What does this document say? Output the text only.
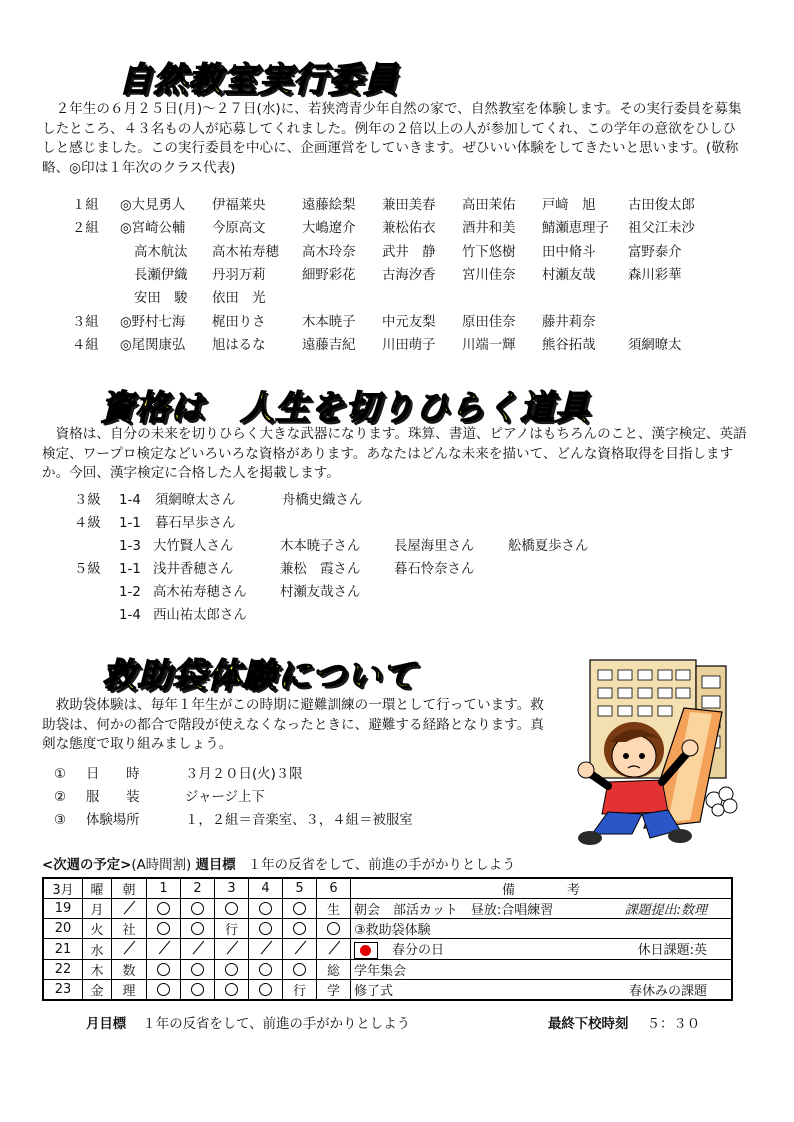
自然教室実行委員
２年生の６月２５日(月)～２７日(水)に、若狭湾青少年自然の家で、自然教室を体験します。その実行委員を募集したところ、４３名もの人が応募してくれました。例年の２倍以上の人が参加してくれ、この学年の意欲をひしひしと感じました。この実行委員を中心に、企画運営をしていきます。ぜひいい体験をしてきたいと思います。(敬称略、◎印は１年次のクラス代表)
１組 ◎大見勇人 伊福莱央	遠藤絵梨 兼田美春 高田茉佑 戸﨑　旭 古田俊太郎
２組 ◎宮崎公輔 今原高文	大嶋遼介 兼松佑衣 酒井和美 鯖瀬恵理子 祖父江未沙
高木航汰 高木祐寿穂 高木玲奈 武井　静 竹下悠樹 田中脩斗 富野泰介
長瀬伊織 丹羽万莉	細野彩花 古海汐香 宮川佳奈 村瀬友哉 森川彩華
安田　駿 依田　光
３組 ◎野村七海 梶田りさ	木本暁子 中元友梨 原田佳奈 藤井莉奈
４組 ◎尾関康弘 旭はるな	遠藤吉紀 川田萌子 川端一輝 熊谷拓哉 須網暸太
資格は　人生を切りひらく道具
資格は、自分の未来を切りひらく大きな武器になります。珠算、書道、ピアノはもちろんのこと、漢字検定、英語検定、ワープロ検定などいろいろな資格があります。あなたはどんな未来を描いて、どんな資格取得を目指しますか。今回、漢字検定に合格した人を掲載します。
３級 1-4 須網暸太さん	舟橋史織さん
４級 1-1 暮石早歩さん
1-3 大竹賢人さん	木本暁子さん	長屋海里さん	舩橋夏歩さん
５級 1-1 浅井香穂さん	兼松　霞さん	暮石怜奈さん
1-2 高木祐寿穂さん 村瀬友哉さん
1-4 西山祐太郎さん
救助袋体験について
救助袋体験は、毎年１年生がこの時期に避難訓練の一環として行っています。救助袋は、何かの都合で階段が使えなくなったときに、避難する経路となります。真剣な態度で取り組みましょう。
① 日　　時	３月２０日(火)３限
② 服　　装	ジャージ上下
③ 体験場所	１，２組＝音楽室、３，４組＝被服室
<次週の予定>(A時間割) 週目標 １年の反省をして、前進の手がかりとしよう
3月	曜	朝	1	2	3	4	5	6	備　　　　考
19	月							生	朝会　部活カット　昼放:合唱練習 課題提出:数理

20	火	社			行				③救助袋体験
21	水								春分の日 休日課題:英

22	木	数						総	学年集会
23	金	理					行	学	修了式 春休みの課題
月目標 １年の反省をして、前進の手がかりとしよう	最終下校時刻 ５：３０
